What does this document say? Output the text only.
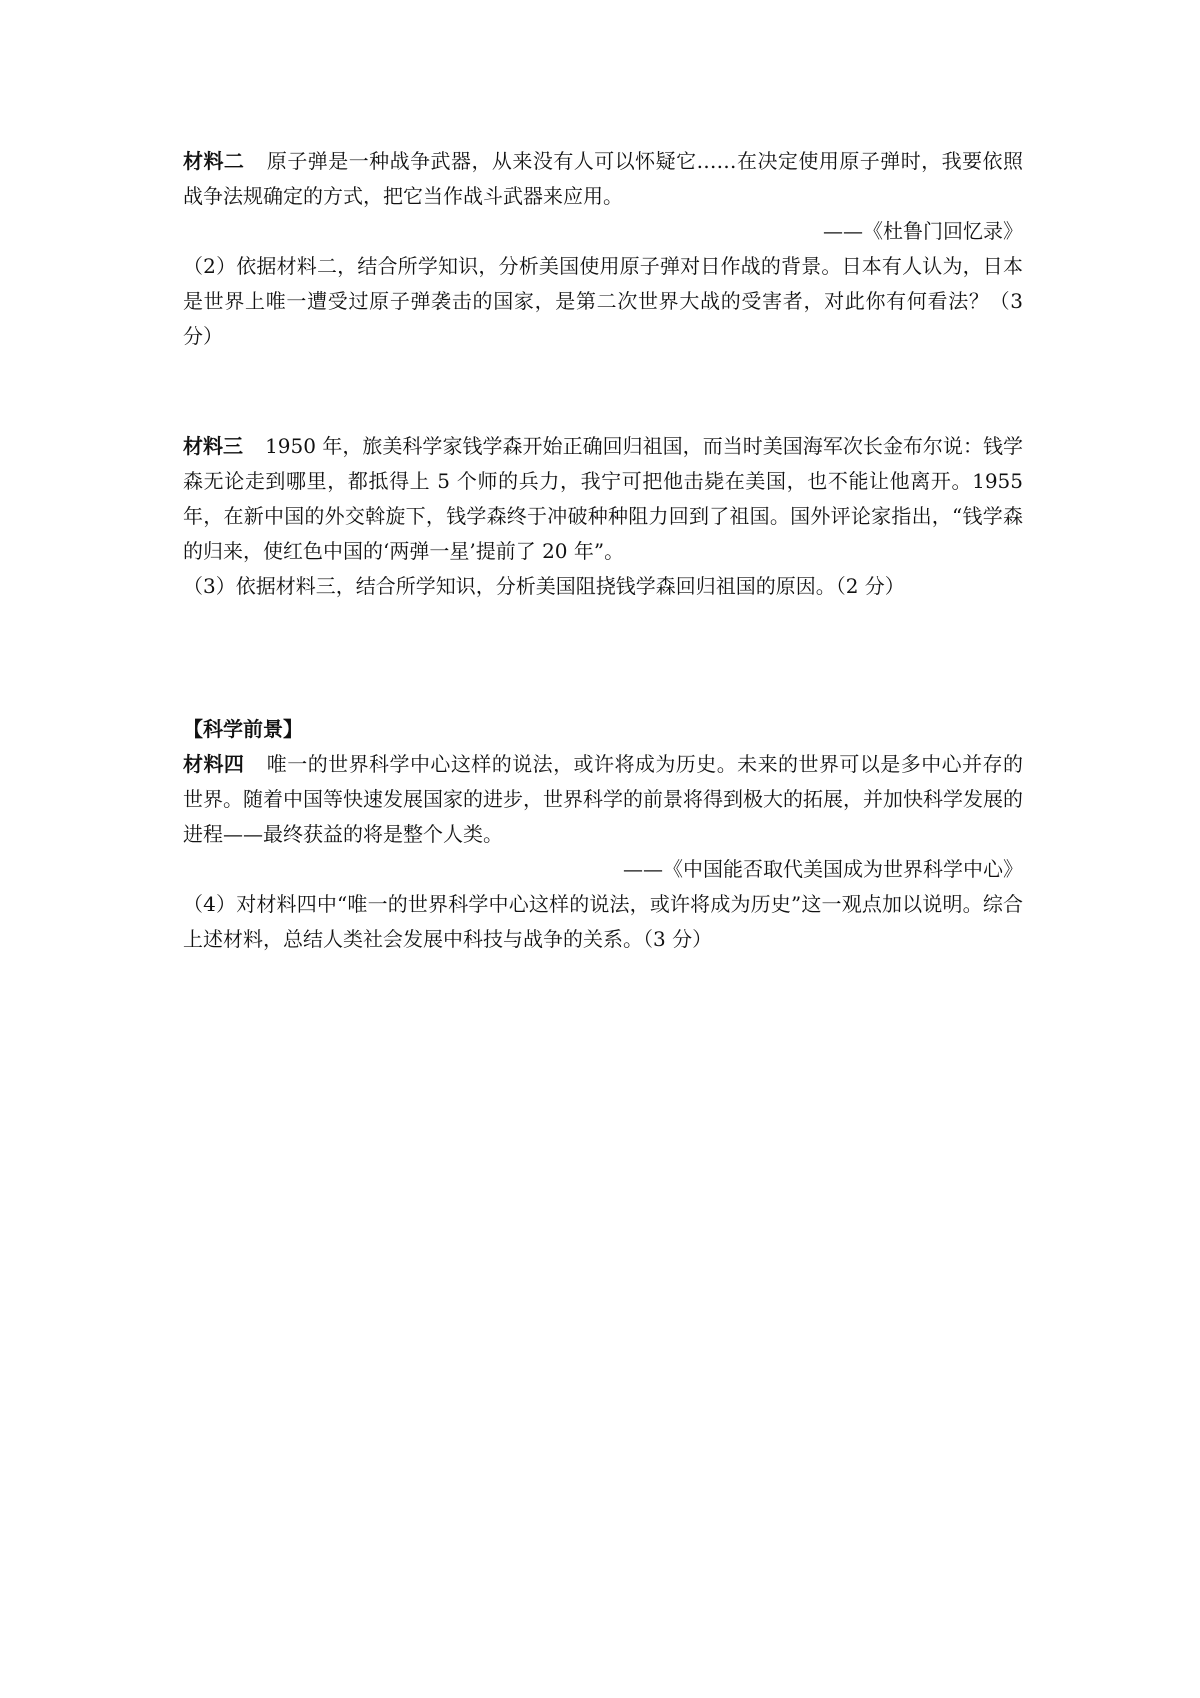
材料二 原子弹是一种战争武器，从来没有人可以怀疑它……在决定使用原子弹时，我要依照战争法规确定的方式，把它当作战斗武器来应用。

——《杜鲁门回忆录》

（2）依据材料二，结合所学知识，分析美国使用原子弹对日作战的背景。日本有人认为，日本是世界上唯一遭受过原子弹袭击的国家，是第二次世界大战的受害者，对此你有何看法？（3 分）

材料三 1950 年，旅美科学家钱学森开始正确回归祖国，而当时美国海军次长金布尔说：钱学森无论走到哪里，都抵得上 5 个师的兵力，我宁可把他击毙在美国，也不能让他离开。1955 年，在新中国的外交斡旋下，钱学森终于冲破种种阻力回到了祖国。国外评论家指出，“钱学森的归来，使红色中国的‘两弹一星’提前了 20 年”。

（3）依据材料三，结合所学知识，分析美国阻挠钱学森回归祖国的原因。（2 分）

【科学前景】

材料四 唯一的世界科学中心这样的说法，或许将成为历史。未来的世界可以是多中心并存的世界。随着中国等快速发展国家的进步，世界科学的前景将得到极大的拓展，并加快科学发展的进程——最终获益的将是整个人类。

——《中国能否取代美国成为世界科学中心》

（4）对材料四中“唯一的世界科学中心这样的说法，或许将成为历史”这一观点加以说明。综合上述材料，总结人类社会发展中科技与战争的关系。（3 分）
